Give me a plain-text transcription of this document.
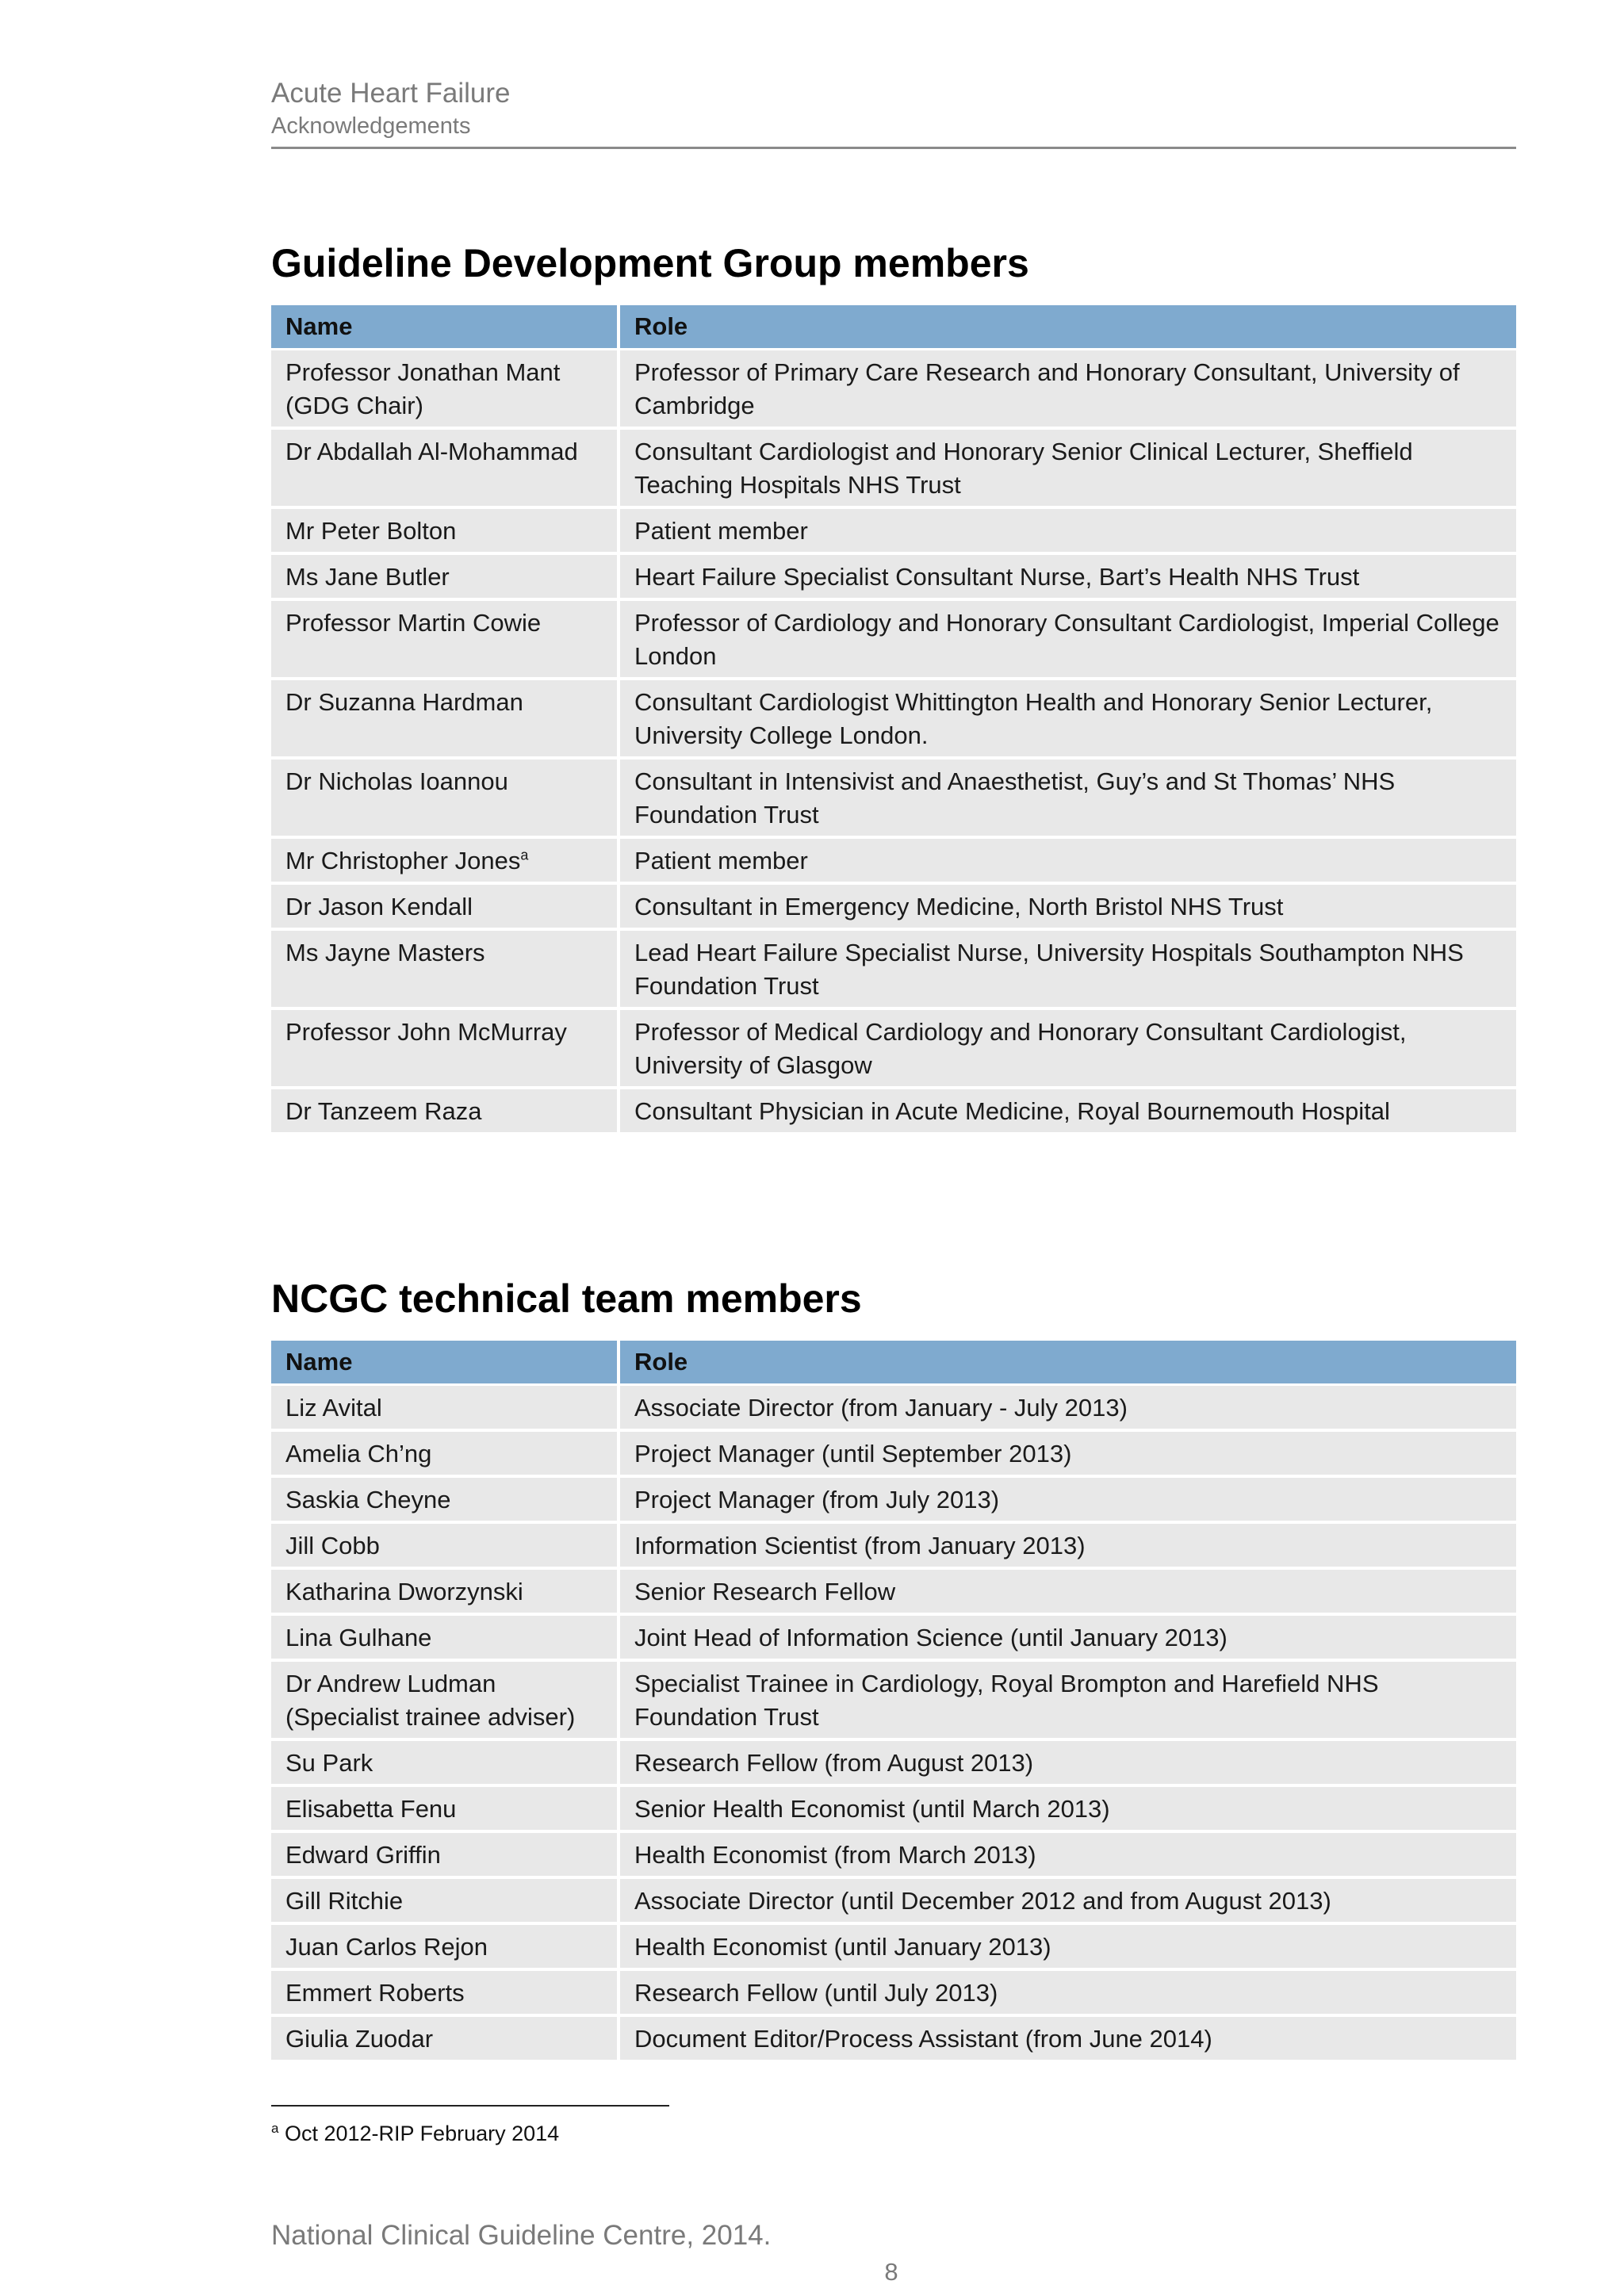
Acute Heart Failure
Acknowledgements
Guideline Development Group members
Name	Role
Professor Jonathan Mant (GDG Chair)	Professor of Primary Care Research and Honorary Consultant, University of Cambridge
Dr Abdallah Al-Mohammad	Consultant Cardiologist and Honorary Senior Clinical Lecturer, Sheffield Teaching Hospitals NHS Trust
Mr Peter Bolton	Patient member
Ms Jane Butler	Heart Failure Specialist Consultant Nurse, Bart’s Health NHS Trust
Professor Martin Cowie	Professor of Cardiology and Honorary Consultant Cardiologist, Imperial College London
Dr Suzanna Hardman	Consultant Cardiologist Whittington Health and Honorary Senior Lecturer, University College London.
Dr Nicholas Ioannou	Consultant in Intensivist and Anaesthetist, Guy’s and St Thomas’ NHS Foundation Trust
Mr Christopher Jones$^a$	Patient member
Dr Jason Kendall	Consultant in Emergency Medicine, North Bristol NHS Trust
Ms Jayne Masters	Lead Heart Failure Specialist Nurse, University Hospitals Southampton NHS Foundation Trust
Professor John McMurray	Professor of Medical Cardiology and Honorary Consultant Cardiologist, University of Glasgow
Dr Tanzeem Raza	Consultant Physician in Acute Medicine, Royal Bournemouth Hospital
NCGC technical team members
Name	Role
Liz Avital	Associate Director (from January - July 2013)
Amelia Ch’ng	Project Manager (until September 2013)
Saskia Cheyne	Project Manager (from July 2013)
Jill Cobb	Information Scientist (from January 2013)
Katharina Dworzynski	Senior Research Fellow
Lina Gulhane	Joint Head of Information Science (until January 2013)
Dr Andrew Ludman (Specialist trainee adviser)	Specialist Trainee in Cardiology, Royal Brompton and Harefield NHS Foundation Trust
Su Park	Research Fellow (from August 2013)
Elisabetta Fenu	Senior Health Economist (until March 2013)
Edward Griffin	Health Economist (from March 2013)
Gill Ritchie	Associate Director (until December 2012 and from August 2013)
Juan Carlos Rejon	Health Economist (until January 2013)
Emmert Roberts	Research Fellow (until July 2013)
Giulia Zuodar	Document Editor/Process Assistant (from June 2014)
$^a$ Oct 2012-RIP February 2014
National Clinical Guideline Centre, 2014.
8
